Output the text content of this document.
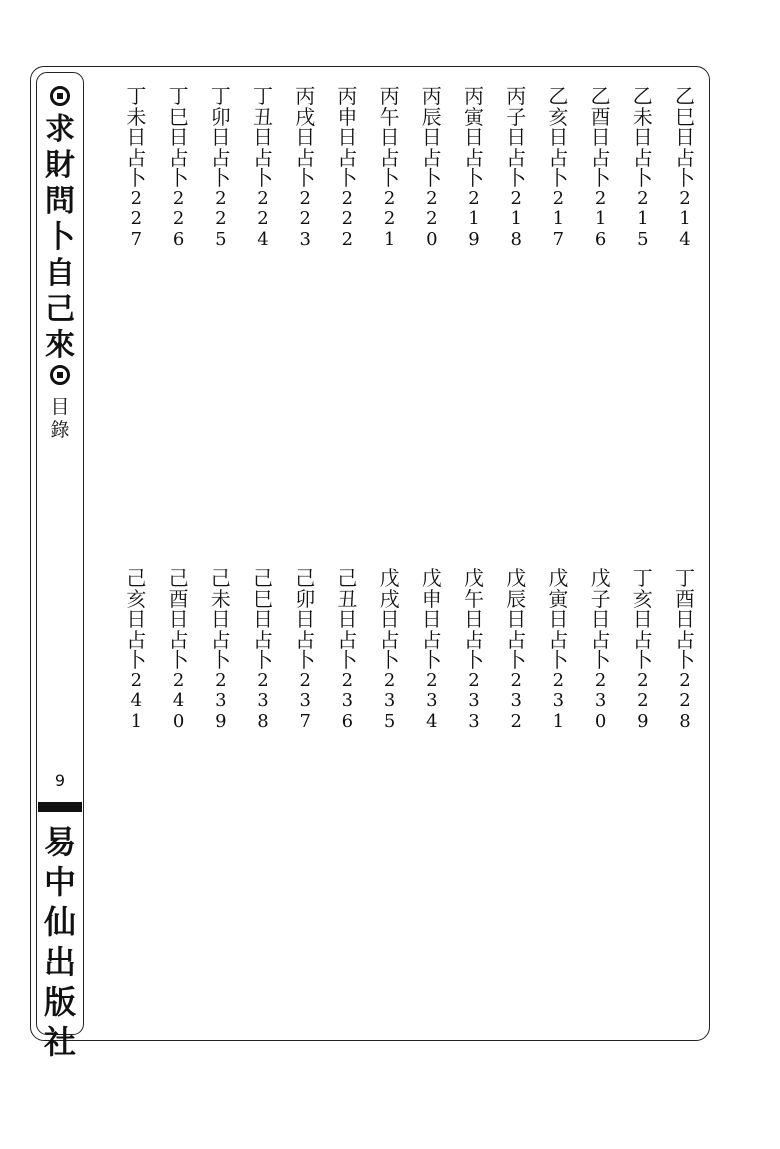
求
財
問
卜
自
己
來
目
錄
9
易
中
仙
出
版
社
乙
巳
日
占
卜
2
1
4
乙
未
日
占
卜
2
1
5
乙
酉
日
占
卜
2
1
6
乙
亥
日
占
卜
2
1
7
丙
子
日
占
卜
2
1
8
丙
寅
日
占
卜
2
1
9
丙
辰
日
占
卜
2
2
0
丙
午
日
占
卜
2
2
1
丙
申
日
占
卜
2
2
2
丙
戌
日
占
卜
2
2
3
丁
丑
日
占
卜
2
2
4
丁
卯
日
占
卜
2
2
5
丁
巳
日
占
卜
2
2
6
丁
未
日
占
卜
2
2
7
丁
酉
日
占
卜
2
2
8
丁
亥
日
占
卜
2
2
9
戊
子
日
占
卜
2
3
0
戊
寅
日
占
卜
2
3
1
戊
辰
日
占
卜
2
3
2
戊
午
日
占
卜
2
3
3
戊
申
日
占
卜
2
3
4
戊
戌
日
占
卜
2
3
5
己
丑
日
占
卜
2
3
6
己
卯
日
占
卜
2
3
7
己
巳
日
占
卜
2
3
8
己
未
日
占
卜
2
3
9
己
酉
日
占
卜
2
4
0
己
亥
日
占
卜
2
4
1
